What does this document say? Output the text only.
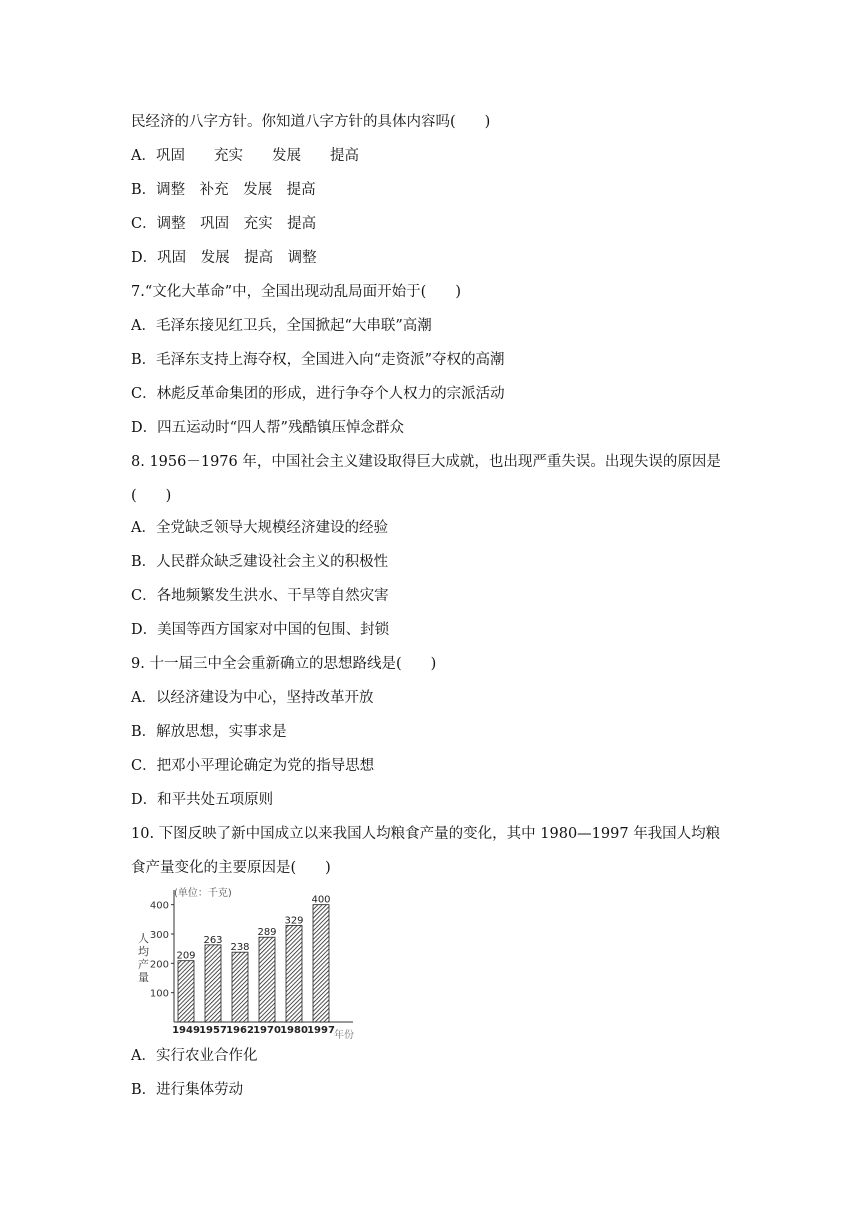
民经济的八字方针。你知道八字方针的具体内容吗(　　)
A．巩固　　充实　　发展　　提高
B．调整　补充　发展　提高
C．调整　巩固　充实　提高
D．巩固　发展　提高　调整
7.“文化大革命”中，全国出现动乱局面开始于(　　)
A．毛泽东接见红卫兵，全国掀起“大串联”高潮
B．毛泽东支持上海夺权，全国进入向“走资派”夺权的高潮
C．林彪反革命集团的形成，进行争夺个人权力的宗派活动
D．四五运动时“四人帮”残酷镇压悼念群众
8. 1956－1976 年，中国社会主义建设取得巨大成就，也出现严重失误。出现失误的原因是
(　　)
A．全党缺乏领导大规模经济建设的经验
B．人民群众缺乏建设社会主义的积极性
C．各地频繁发生洪水、干旱等自然灾害
D．美国等西方国家对中国的包围、封锁
9. 十一届三中全会重新确立的思想路线是(　　)
A．以经济建设为中心，坚持改革开放
B．解放思想，实事求是
C．把邓小平理论确定为党的指导思想
D．和平共处五项原则
10. 下图反映了新中国成立以来我国人均粮食产量的变化，其中 1980—1997 年我国人均粮
食产量变化的主要原因是(　　)
A．实行农业合作化
B．进行集体劳动
(单位：千克)
人均产量
年份
100
200
300
400
209
1949
263
1957
238
1962
289
1970
329
1980
400
1997
